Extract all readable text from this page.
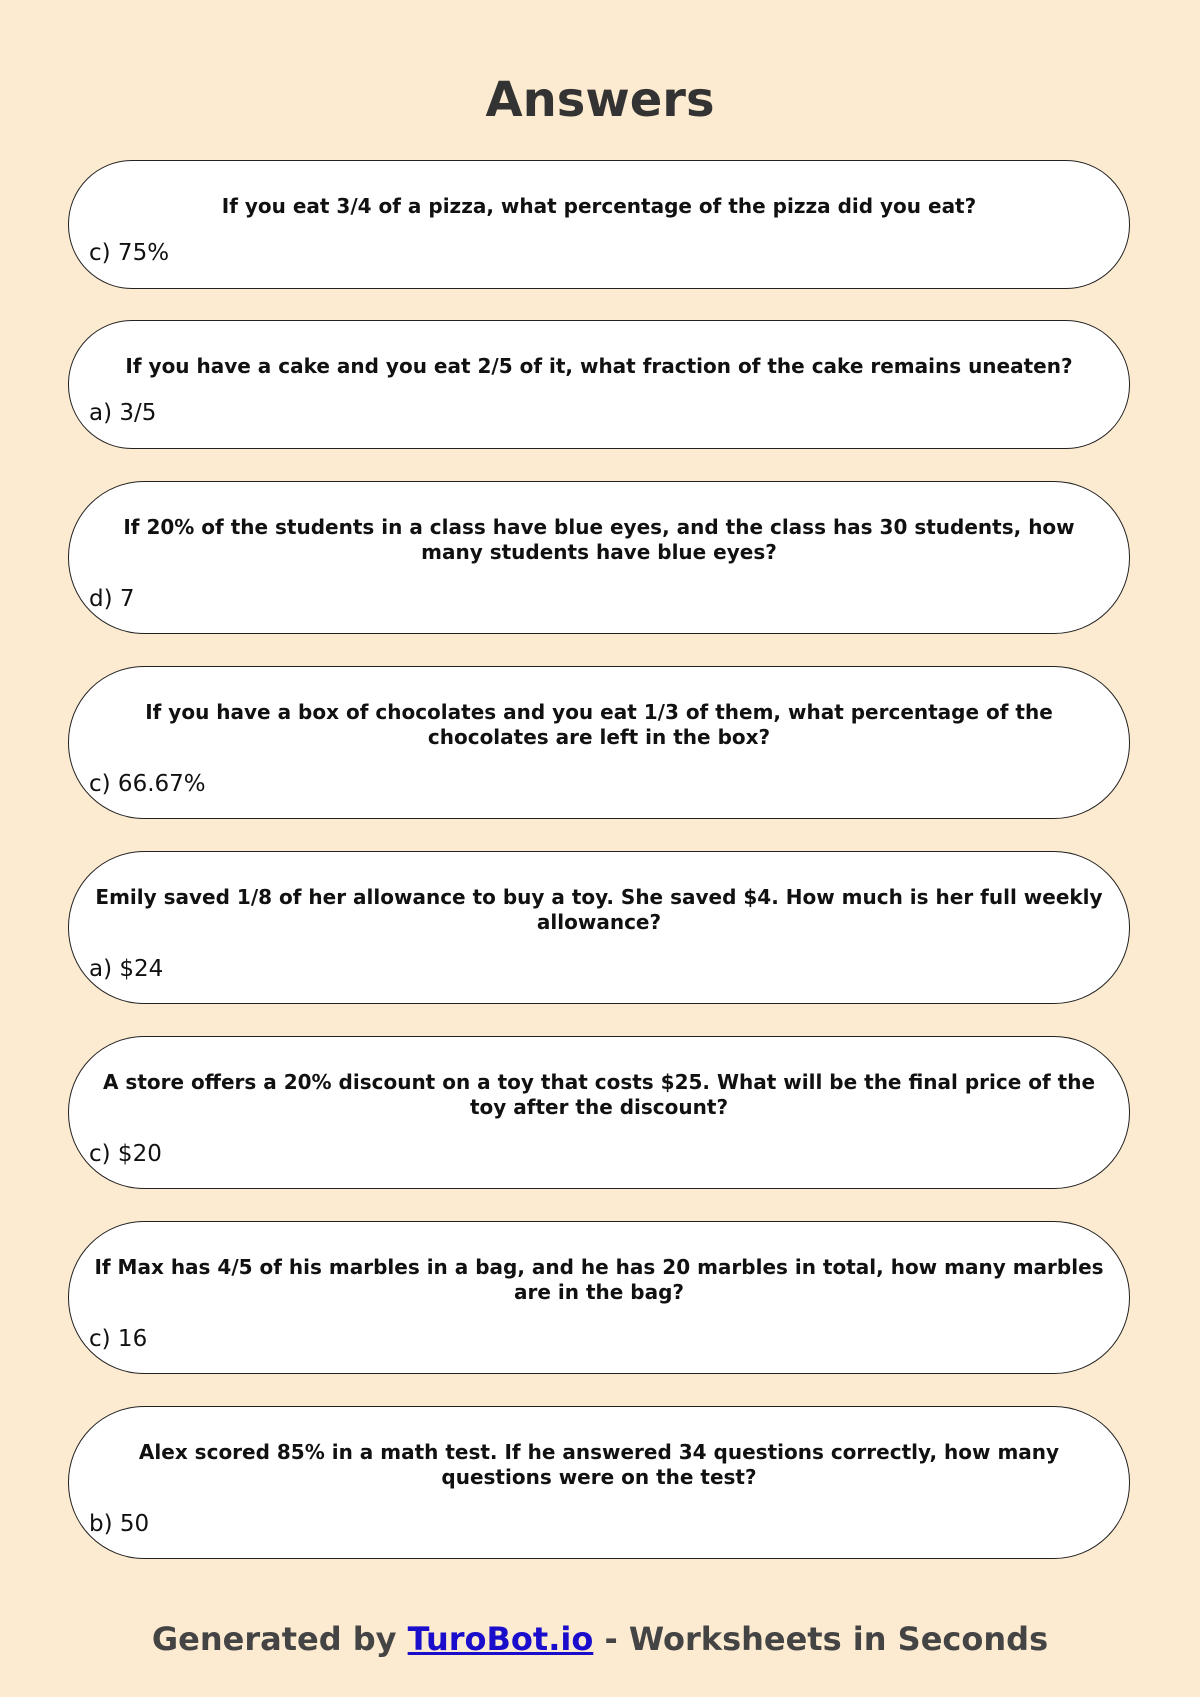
Answers
If you eat 3/4 of a pizza, what percentage of the pizza did you eat?
c) 75%
If you have a cake and you eat 2/5 of it, what fraction of the cake remains uneaten?
a) 3/5
If 20% of the students in a class have blue eyes, and the class has 30 students, how many students have blue eyes?
d) 7
If you have a box of chocolates and you eat 1/3 of them, what percentage of the chocolates are left in the box?
c) 66.67%
Emily saved 1/8 of her allowance to buy a toy. She saved $4. How much is her full weekly allowance?
a) $24
A store offers a 20% discount on a toy that costs $25. What will be the final price of the toy after the discount?
c) $20
If Max has 4/5 of his marbles in a bag, and he has 20 marbles in total, how many marbles are in the bag?
c) 16
Alex scored 85% in a math test. If he answered 34 questions correctly, how many questions were on the test?
b) 50
Generated by TuroBot.io - Worksheets in Seconds
